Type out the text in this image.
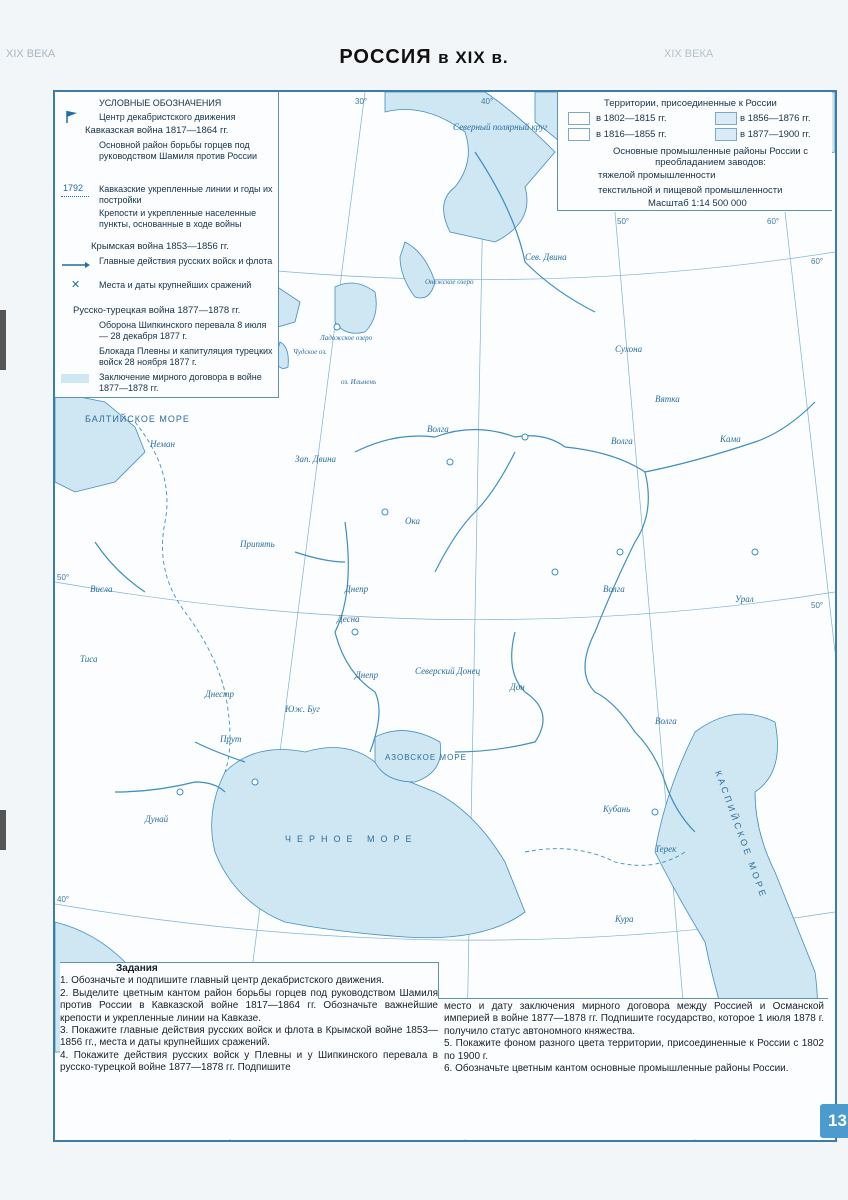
ХIХ ВЕКА	ХIХ ВЕКА
РОССИЯ в XIX в.
Северный полярный круг
Ладожское озеро
Онежское озеро
Чудское оз.
оз. Ильмень
Волга
Волга
Волга
Волга
Кама
Вятка
Урал
Днепр
Днепр
Дон
Северский Донец
Ока
Десна
Припять
Зап. Двина
Неман
Висла
Днестр
Юж. Буг
Дунай
Тиса
Прут
Кубань
Кура
Терек
Сев. Двина
Сухона
БАЛТИЙСКОЕ МОРЕ
ЧЕРНОЕ МОРЕ
АЗОВСКОЕ МОРЕ
КАСПИЙСКОЕ МОРЕ
30°	40°
50°	60°
60°
50°
50°
40°
УСЛОВНЫЕ ОБОЗНАЧЕНИЯ
Центр декабристского движения
Кавказская война 1817—1864 гг.
Основной район борьбы горцев под руководством Шамиля против России
1792 Кавказские укрепленные линии и годы их постройки
Крепости и укрепленные населенные пункты, основанные в ходе войны
Крымская война 1853—1856 гг.
Главные действия русских войск и флота
✕ Места и даты крупнейших сражений
Русско-турецкая война 1877—1878 гг.
Оборона Шипкинского перевала 8 июля — 28 декабря 1877 г.
Блокада Плевны и капитуляция турецких войск 28 ноября 1877 г.
Заключение мирного договора в войне 1877—1878 гг.
Территории, присоединенные к России
в 1802—1815 гг.	в 1856—1876 гг.
в 1816—1855 гг.	в 1877—1900 гг.
Основные промышленные районы России с преобладанием заводов:
тяжелой промышленности
текстильной и пищевой промышленности
Масштаб 1:14 500 000

Задания

1. Обозначьте и подпишите главный центр декабристского движения.

2. Выделите цветным кантом район борьбы горцев под руководством Шамиля против России в Кавказской войне 1817—1864 гг. Обозначьте важнейшие крепости и укрепленные линии на Кавказе.

3. Покажите главные действия русских войск и флота в Крымской войне 1853—1856 гг., места и даты крупнейших сражений.

4. Покажите действия русских войск у Плевны и у Шипкинского перевала в русско-турецкой войне 1877—1878 гг. Подпишите

место и дату заключения мирного договора между Россией и Османской империей в войне 1877—1878 гг. Подпишите государство, которое 1 июля 1878 г. получило статус автономного княжества.

5. Покажите фоном разного цвета территории, присоединенные к России с 1802 по 1900 г.

6. Обозначьте цветным кантом основные промышленные районы России.

13
